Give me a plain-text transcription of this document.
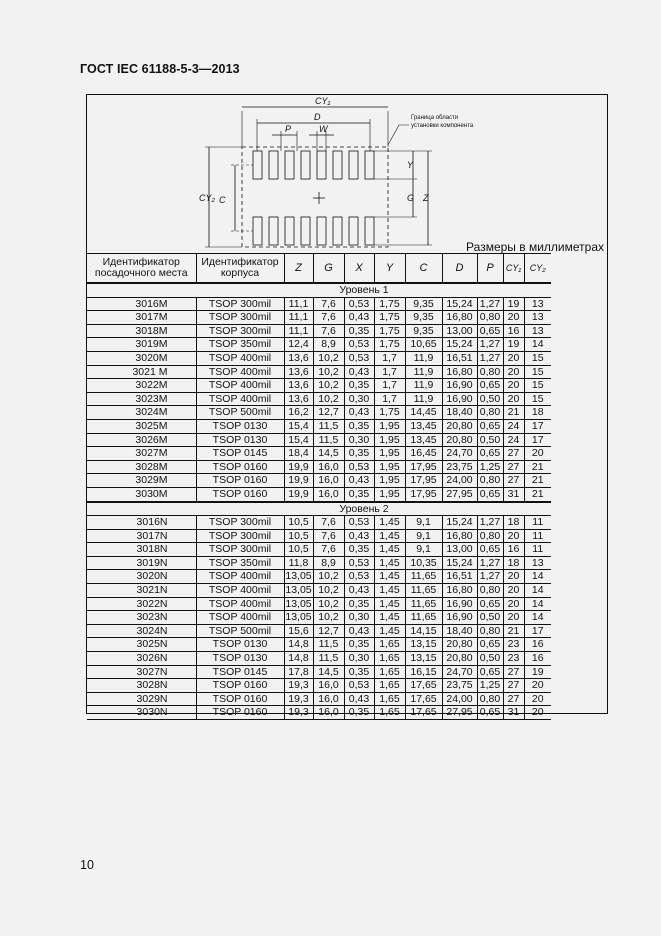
ГОСТ IEC 61188-5-3—2013
CY₁
D
P	W
Y
G Z
C
CY₂
Граница области
установки компонента
Размеры в миллиметрах
Идентификатор посадочного места	Идентификатор корпуса	Z	G	X	Y	C	D	P	CY₁	CY₂
Уровень 1										
3016M	TSOP 300mil	11,1	7,6	0,53	1,75	9,35	15,24	1,27	19	13
3017M	TSOP 300mil	11,1	7,6	0,43	1,75	9,35	16,80	0,80	20	13
3018M	TSOP 300mil	11,1	7,6	0,35	1,75	9,35	13,00	0,65	16	13
3019M	TSOP 350mil	12,4	8,9	0,53	1,75	10,65	15,24	1,27	19	14
3020M	TSOP 400mil	13,6	10,2	0,53	1,7	11,9	16,51	1,27	20	15
3021 M	TSOP 400mil	13,6	10,2	0,43	1,7	11,9	16,80	0,80	20	15
3022M	TSOP 400mil	13,6	10,2	0,35	1,7	11,9	16,90	0,65	20	15
3023M	TSOP 400mil	13,6	10,2	0,30	1,7	11,9	16,90	0,50	20	15
3024M	TSOP 500mil	16,2	12,7	0,43	1,75	14,45	18,40	0,80	21	18
3025M	TSOP 0130	15,4	11,5	0,35	1,95	13,45	20,80	0,65	24	17
3026M	TSOP 0130	15,4	11,5	0,30	1,95	13,45	20,80	0,50	24	17
3027M	TSOP 0145	18,4	14,5	0,35	1,95	16,45	24,70	0,65	27	20
3028M	TSOP 0160	19,9	16,0	0,53	1,95	17,95	23,75	1,25	27	21
3029M	TSOP 0160	19,9	16,0	0,43	1,95	17,95	24,00	0,80	27	21
3030M	TSOP 0160	19,9	16,0	0,35	1,95	17,95	27,95	0,65	31	21
Уровень 2										
3016N	TSOP 300mil	10,5	7,6	0,53	1,45	9,1	15,24	1,27	18	11
3017N	TSOP 300mil	10,5	7,6	0,43	1,45	9,1	16,80	0,80	20	11
3018N	TSOP 300mil	10,5	7,6	0,35	1,45	9,1	13,00	0,65	16	11
3019N	TSOP 350mil	11,8	8,9	0,53	1,45	10,35	15,24	1,27	18	13
3020N	TSOP 400mil	13,05	10,2	0,53	1,45	11,65	16,51	1,27	20	14
3021N	TSOP 400mil	13,05	10,2	0,43	1,45	11,65	16,80	0,80	20	14
3022N	TSOP 400mil	13,05	10,2	0,35	1,45	11,65	16,90	0,65	20	14
3023N	TSOP 400mil	13,05	10,2	0,30	1,45	11,65	16,90	0,50	20	14
3024N	TSOP 500mil	15,6	12,7	0,43	1,45	14,15	18,40	0,80	21	17
3025N	TSOP 0130	14,8	11,5	0,35	1,65	13,15	20,80	0,65	23	16
3026N	TSOP 0130	14,8	11,5	0,30	1,65	13,15	20,80	0,50	23	16
3027N	TSOP 0145	17,8	14,5	0,35	1,65	16,15	24,70	0,65	27	19
3028N	TSOP 0160	19,3	16,0	0,53	1,65	17,65	23,75	1,25	27	20
3029N	TSOP 0160	19,3	16,0	0,43	1,65	17,65	24,00	0,80	27	20
3030N	TSOP 0160	19,3	16,0	0,35	1,65	17,65	27,95	0,65	31	20
10
